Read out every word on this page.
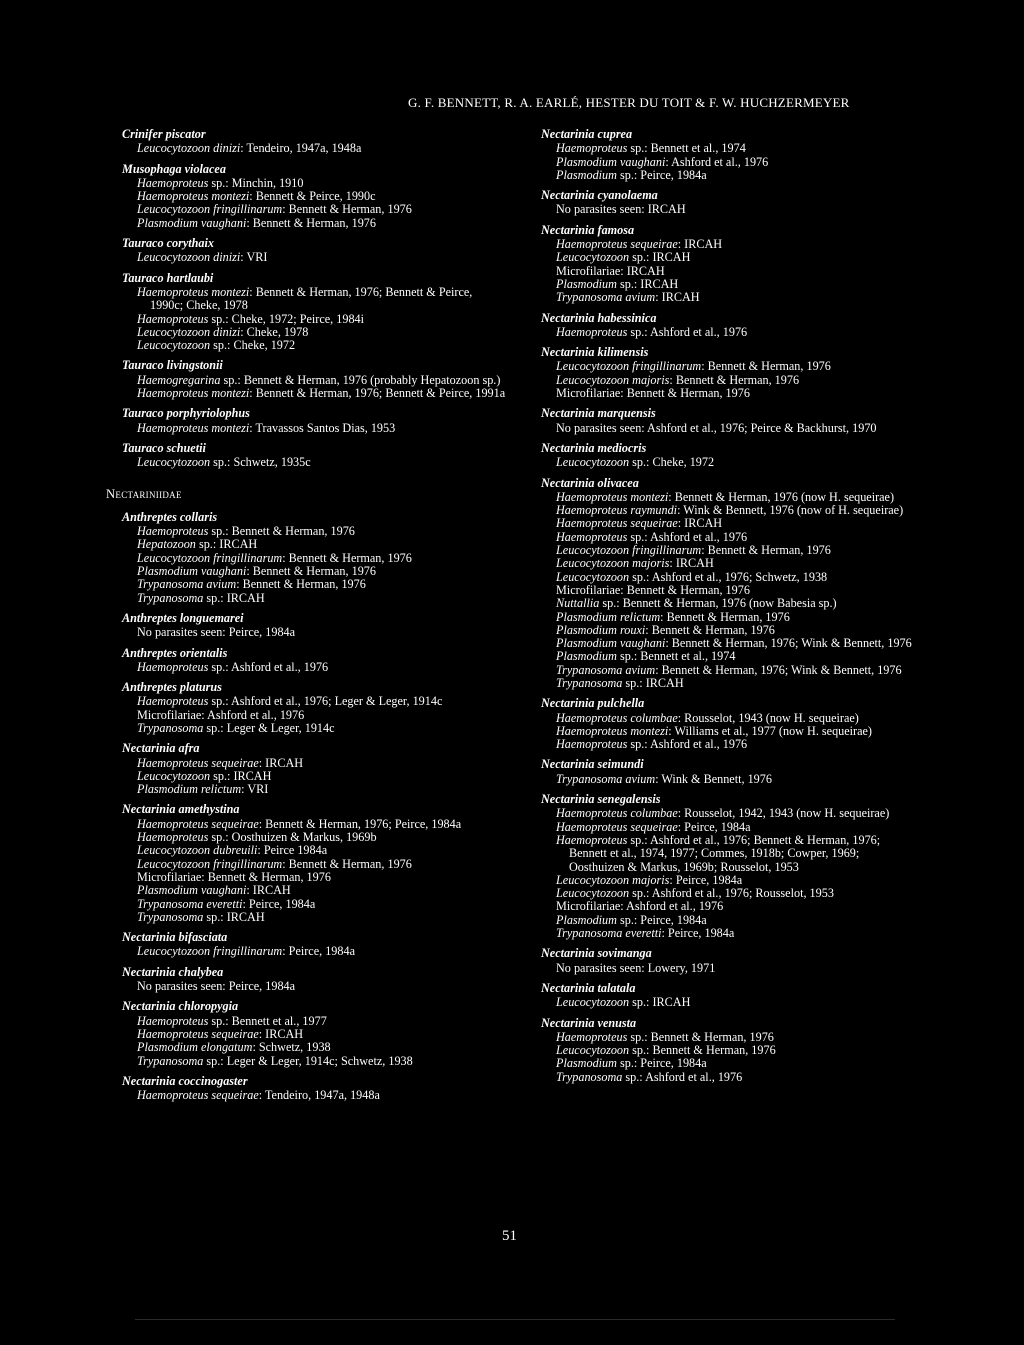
G. F. BENNETT, R. A. EARLÉ, HESTER DU TOIT & F. W. HUCHZERMEYER
Crinifer piscator
Leucocytozoon dinizi: Tendeiro, 1947a, 1948a
Musophaga violacea
Haemoproteus sp.: Minchin, 1910
Haemoproteus montezi: Bennett & Peirce, 1990c
Leucocytozoon fringillinarum: Bennett & Herman, 1976
Plasmodium vaughani: Bennett & Herman, 1976
Tauraco corythaix
Leucocytozoon dinizi: VRI
Tauraco hartlaubi
Haemoproteus montezi: Bennett & Herman, 1976; Bennett & Peirce, 1990c; Cheke, 1978
Haemoproteus sp.: Cheke, 1972; Peirce, 1984i
Leucocytozoon dinizi: Cheke, 1978
Leucocytozoon sp.: Cheke, 1972
Tauraco livingstonii
Haemogregarina sp.: Bennett & Herman, 1976 (probably Hepatozoon sp.)
Haemoproteus montezi: Bennett & Herman, 1976; Bennett & Peirce, 1991a
Tauraco porphyriolophus
Haemoproteus montezi: Travassos Santos Dias, 1953
Tauraco schuetii
Leucocytozoon sp.: Schwetz, 1935c
Nectariniidae
Anthreptes collaris
Haemoproteus sp.: Bennett & Herman, 1976
Hepatozoon sp.: IRCAH
Leucocytozoon fringillinarum: Bennett & Herman, 1976
Plasmodium vaughani: Bennett & Herman, 1976
Trypanosoma avium: Bennett & Herman, 1976
Trypanosoma sp.: IRCAH
Anthreptes longuemarei
No parasites seen: Peirce, 1984a
Anthreptes orientalis
Haemoproteus sp.: Ashford et al., 1976
Anthreptes platurus
Haemoproteus sp.: Ashford et al., 1976; Leger & Leger, 1914c
Microfilariae: Ashford et al., 1976
Trypanosoma sp.: Leger & Leger, 1914c
Nectarinia afra
Haemoproteus sequeirae: IRCAH
Leucocytozoon sp.: IRCAH
Plasmodium relictum: VRI
Nectarinia amethystina
Haemoproteus sequeirae: Bennett & Herman, 1976; Peirce, 1984a
Haemoproteus sp.: Oosthuizen & Markus, 1969b
Leucocytozoon dubreuili: Peirce 1984a
Leucocytozoon fringillinarum: Bennett & Herman, 1976
Microfilariae: Bennett & Herman, 1976
Plasmodium vaughani: IRCAH
Trypanosoma everetti: Peirce, 1984a
Trypanosoma sp.: IRCAH
Nectarinia bifasciata
Leucocytozoon fringillinarum: Peirce, 1984a
Nectarinia chalybea
No parasites seen: Peirce, 1984a
Nectarinia chloropygia
Haemoproteus sp.: Bennett et al., 1977
Haemoproteus sequeirae: IRCAH
Plasmodium elongatum: Schwetz, 1938
Trypanosoma sp.: Leger & Leger, 1914c; Schwetz, 1938
Nectarinia coccinogaster
Haemoproteus sequeirae: Tendeiro, 1947a, 1948a
Nectarinia cuprea
Haemoproteus sp.: Bennett et al., 1974
Plasmodium vaughani: Ashford et al., 1976
Plasmodium sp.: Peirce, 1984a
Nectarinia cyanolaema
No parasites seen: IRCAH
Nectarinia famosa
Haemoproteus sequeirae: IRCAH
Leucocytozoon sp.: IRCAH
Microfilariae: IRCAH
Plasmodium sp.: IRCAH
Trypanosoma avium: IRCAH
Nectarinia habessinica
Haemoproteus sp.: Ashford et al., 1976
Nectarinia kilimensis
Leucocytozoon fringillinarum: Bennett & Herman, 1976
Leucocytozoon majoris: Bennett & Herman, 1976
Microfilariae: Bennett & Herman, 1976
Nectarinia marquensis
No parasites seen: Ashford et al., 1976; Peirce & Backhurst, 1970
Nectarinia mediocris
Leucocytozoon sp.: Cheke, 1972
Nectarinia olivacea
Haemoproteus montezi: Bennett & Herman, 1976 (now H. sequeirae)
Haemoproteus raymundi: Wink & Bennett, 1976 (now of H. sequeirae)
Haemoproteus sequeirae: IRCAH
Haemoproteus sp.: Ashford et al., 1976
Leucocytozoon fringillinarum: Bennett & Herman, 1976
Leucocytozoon majoris: IRCAH
Leucocytozoon sp.: Ashford et al., 1976; Schwetz, 1938
Microfilariae: Bennett & Herman, 1976
Nuttallia sp.: Bennett & Herman, 1976 (now Babesia sp.)
Plasmodium relictum: Bennett & Herman, 1976
Plasmodium rouxi: Bennett & Herman, 1976
Plasmodium vaughani: Bennett & Herman, 1976; Wink & Bennett, 1976
Plasmodium sp.: Bennett et al., 1974
Trypanosoma avium: Bennett & Herman, 1976; Wink & Bennett, 1976
Trypanosoma sp.: IRCAH
Nectarinia pulchella
Haemoproteus columbae: Rousselot, 1943 (now H. sequeirae)
Haemoproteus montezi: Williams et al., 1977 (now H. sequeirae)
Haemoproteus sp.: Ashford et al., 1976
Nectarinia seimundi
Trypanosoma avium: Wink & Bennett, 1976
Nectarinia senegalensis
Haemoproteus columbae: Rousselot, 1942, 1943 (now H. sequeirae)
Haemoproteus sequeirae: Peirce, 1984a
Haemoproteus sp.: Ashford et al., 1976; Bennett & Herman, 1976; Bennett et al., 1974, 1977; Commes, 1918b; Cowper, 1969; Oosthuizen & Markus, 1969b; Rousselot, 1953
Leucocytozoon majoris: Peirce, 1984a
Leucocytozoon sp.: Ashford et al., 1976; Rousselot, 1953
Microfilariae: Ashford et al., 1976
Plasmodium sp.: Peirce, 1984a
Trypanosoma everetti: Peirce, 1984a
Nectarinia sovimanga
No parasites seen: Lowery, 1971
Nectarinia talatala
Leucocytozoon sp.: IRCAH
Nectarinia venusta
Haemoproteus sp.: Bennett & Herman, 1976
Leucocytozoon sp.: Bennett & Herman, 1976
Plasmodium sp.: Peirce, 1984a
Trypanosoma sp.: Ashford et al., 1976
51
